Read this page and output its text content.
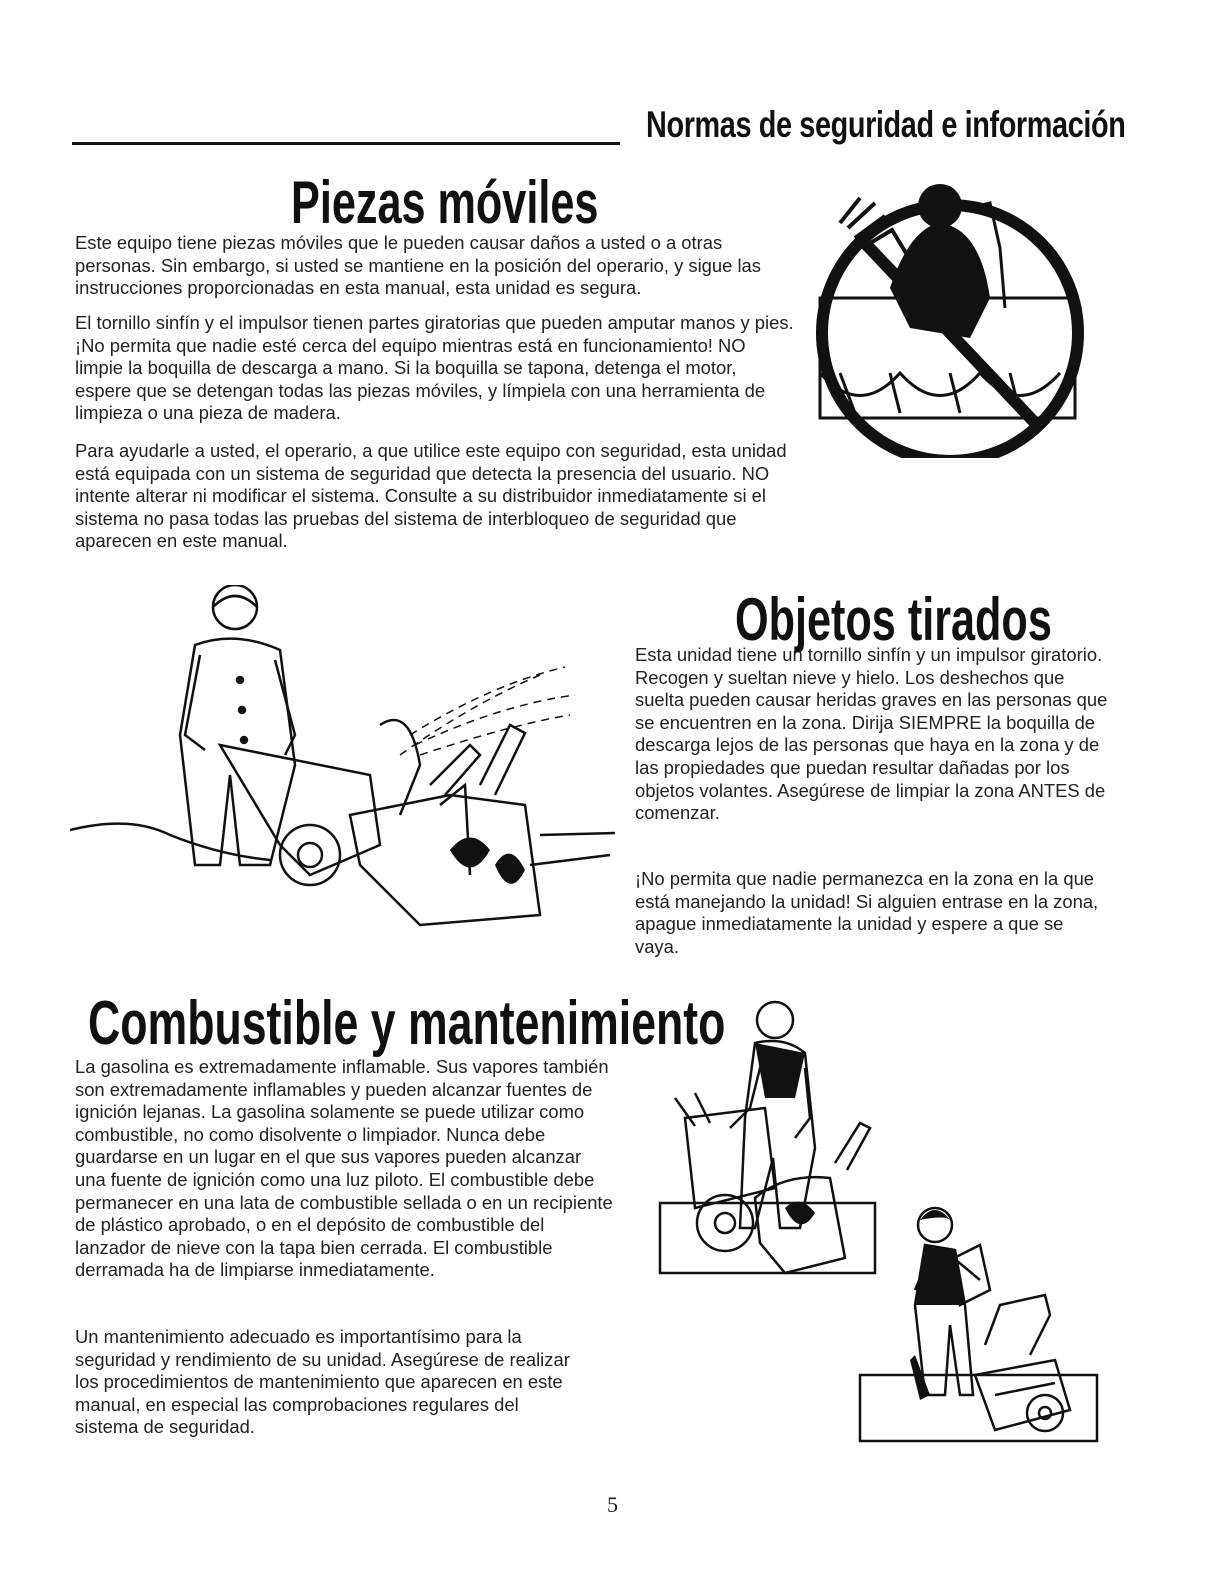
Normas de seguridad e información
Piezas móviles

Este equipo tiene piezas móviles que le pueden causar daños a usted o a otras personas. Sin embargo, si usted se mantiene en la posición del operario, y sigue las instrucciones proporcionadas en esta manual, esta unidad es segura.

El tornillo sinfín y el impulsor tienen partes giratorias que pueden amputar manos y pies. ¡No permita que nadie esté cerca del equipo mientras está en funcionamiento! NO limpie la boquilla de descarga a mano. Si la boquilla se tapona, detenga el motor, espere que se detengan todas las piezas móviles, y límpiela con una herramienta de limpieza o una pieza de madera.

Para ayudarle a usted, el operario, a que utilice este equipo con seguridad, esta unidad está equipada con un sistema de seguridad que detecta la presencia del usuario. NO intente alterar ni modificar el sistema. Consulte a su distribuidor inmediatamente si el sistema no pasa todas las pruebas del sistema de interbloqueo de seguridad que aparecen en este manual.

Objetos tirados

Esta unidad tiene un tornillo sinfín y un impulsor giratorio. Recogen y sueltan nieve y hielo. Los deshechos que suelta pueden causar heridas graves en las personas que se encuentren en la zona. Dirija SIEMPRE la boquilla de descarga lejos de las personas que haya en la zona y de las propiedades que puedan resultar dañadas por los objetos volantes. Asegúrese de limpiar la zona ANTES de comenzar.

¡No permita que nadie permanezca en la zona en la que está manejando la unidad! Si alguien entrase en la zona, apague inmediatamente la unidad y espere a que se vaya.

Combustible y mantenimiento

La gasolina es extremadamente inflamable. Sus vapores también son extremadamente inflamables y pueden alcanzar fuentes de ignición lejanas. La gasolina solamente se puede utilizar como combustible, no como disolvente o limpiador. Nunca debe guardarse en un lugar en el que sus vapores pueden alcanzar una fuente de ignición como una luz piloto. El combustible debe permanecer en una lata de combustible sellada o en un recipiente de plástico aprobado, o en el depósito de combustible del lanzador de nieve con la tapa bien cerrada. El combustible derramada ha de limpiarse inmediatamente.

Un mantenimiento adecuado es importantísimo para la seguridad y rendimiento de su unidad. Asegúrese de realizar los procedimientos de mantenimiento que aparecen en este manual, en especial las comprobaciones regulares del sistema de seguridad.

5
